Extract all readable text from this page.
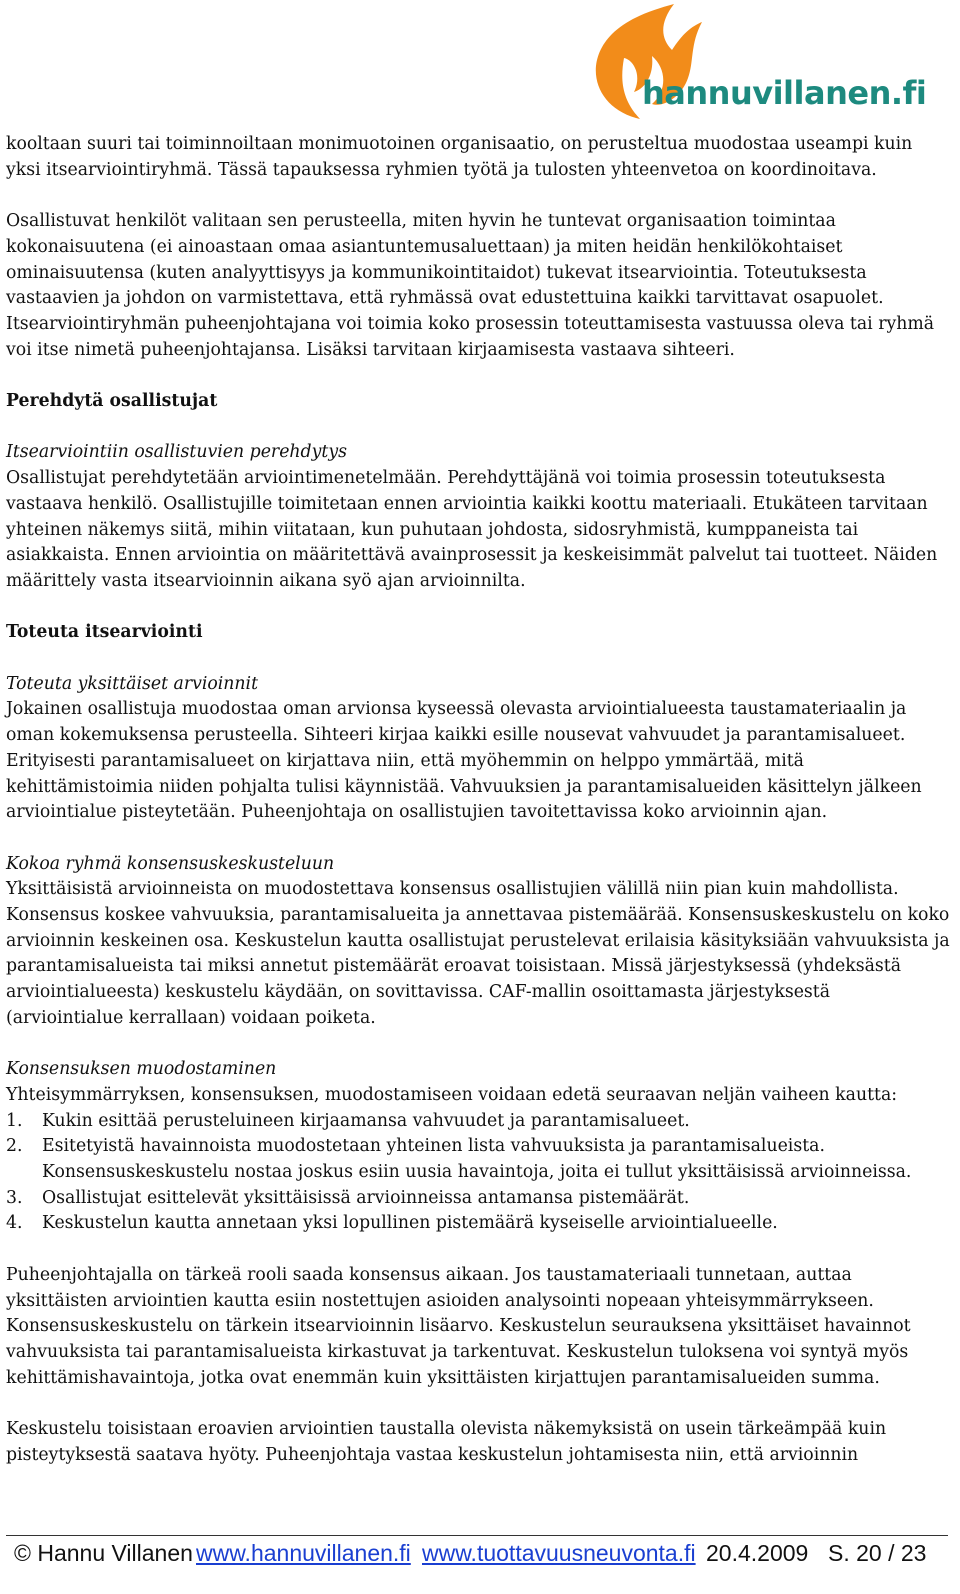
hannuvillanen.fi

kooltaan suuri tai toiminnoiltaan monimuotoinen organisaatio, on perusteltua muodostaa useampi kuin yksi itsearviointiryhmä. Tässä tapauksessa ryhmien työtä ja tulosten yhteenvetoa on koordinoitava.

Osallistuvat henkilöt valitaan sen perusteella, miten hyvin he tuntevat organisaation toimintaa kokonaisuutena (ei ainoastaan omaa asiantuntemusaluettaan) ja miten heidän henkilökohtaiset ominaisuutensa (kuten analyyttisyys ja kommunikointitaidot) tukevat itsearviointia. Toteutuksesta vastaavien ja johdon on varmistettava, että ryhmässä ovat edustettuina kaikki tarvittavat osapuolet. Itsearviointiryhmän puheenjohtajana voi toimia koko prosessin toteuttamisesta vastuussa oleva tai ryhmä voi itse nimetä puheenjohtajansa. Lisäksi tarvitaan kirjaamisesta vastaava sihteeri.

Perehdytä osallistujat

Itsearviointiin osallistuvien perehdytys

Osallistujat perehdytetään arviointimenetelmään. Perehdyttäjänä voi toimia prosessin toteutuksesta vastaava henkilö. Osallistujille toimitetaan ennen arviointia kaikki koottu materiaali. Etukäteen tarvitaan yhteinen näkemys siitä, mihin viitataan, kun puhutaan johdosta, sidosryhmistä, kumppaneista tai asiakkaista. Ennen arviointia on määritettävä avainprosessit ja keskeisimmät palvelut tai tuotteet. Näiden määrittely vasta itsearvioinnin aikana syö ajan arvioinnilta.

Toteuta itsearviointi

Toteuta yksittäiset arvioinnit

Jokainen osallistuja muodostaa oman arvionsa kyseessä olevasta arviointialueesta taustamateriaalin ja oman kokemuksensa perusteella. Sihteeri kirjaa kaikki esille nousevat vahvuudet ja parantamisalueet. Erityisesti parantamisalueet on kirjattava niin, että myöhemmin on helppo ymmärtää, mitä kehittämistoimia niiden pohjalta tulisi käynnistää. Vahvuuksien ja parantamisalueiden käsittelyn jälkeen arviointialue pisteytetään. Puheenjohtaja on osallistujien tavoitettavissa koko arvioinnin ajan.

Kokoa ryhmä konsensuskeskusteluun

Yksittäisistä arvioinneista on muodostettava konsensus osallistujien välillä niin pian kuin mahdollista. Konsensus koskee vahvuuksia, parantamisalueita ja annettavaa pistemäärää. Konsensuskeskustelu on koko arvioinnin keskeinen osa. Keskustelun kautta osallistujat perustelevat erilaisia käsityksiään vahvuuksista ja parantamisalueista tai miksi annetut pistemäärät eroavat toisistaan. Missä järjestyksessä (yhdeksästä arviointialueesta) keskustelu käydään, on sovittavissa. CAF-mallin osoittamasta järjestyksestä (arviointialue kerrallaan) voidaan poiketa.

Konsensuksen muodostaminen

Yhteisymmärryksen, konsensuksen, muodostamiseen voidaan edetä seuraavan neljän vaiheen kautta:

1. Kukin esittää perusteluineen kirjaamansa vahvuudet ja parantamisalueet.
2. Esitetyistä havainnoista muodostetaan yhteinen lista vahvuuksista ja parantamisalueista. Konsensuskeskustelu nostaa joskus esiin uusia havaintoja, joita ei tullut yksittäisissä arvioinneissa.
3. Osallistujat esittelevät yksittäisissä arvioinneissa antamansa pistemäärät.
4. Keskustelun kautta annetaan yksi lopullinen pistemäärä kyseiselle arviointialueelle.

Puheenjohtajalla on tärkeä rooli saada konsensus aikaan. Jos taustamateriaali tunnetaan, auttaa yksittäisten arviointien kautta esiin nostettujen asioiden analysointi nopeaan yhteisymmärrykseen. Konsensuskeskustelu on tärkein itsearvioinnin lisäarvo. Keskustelun seurauksena yksittäiset havainnot vahvuuksista tai parantamisalueista kirkastuvat ja tarkentuvat. Keskustelun tuloksena voi syntyä myös kehittämishavaintoja, jotka ovat enemmän kuin yksittäisten kirjattujen parantamisalueiden summa.

Keskustelu toisistaan eroavien arviointien taustalla olevista näkemyksistä on usein tärkeämpää kuin pisteytyksestä saatava hyöty. Puheenjohtaja vastaa keskustelun johtamisesta niin, että arvioinnin

© Hannu Villanen www.hannuvillanen.fi www.tuottavuusneuvonta.fi 20.4.2009 S. 20 / 23
